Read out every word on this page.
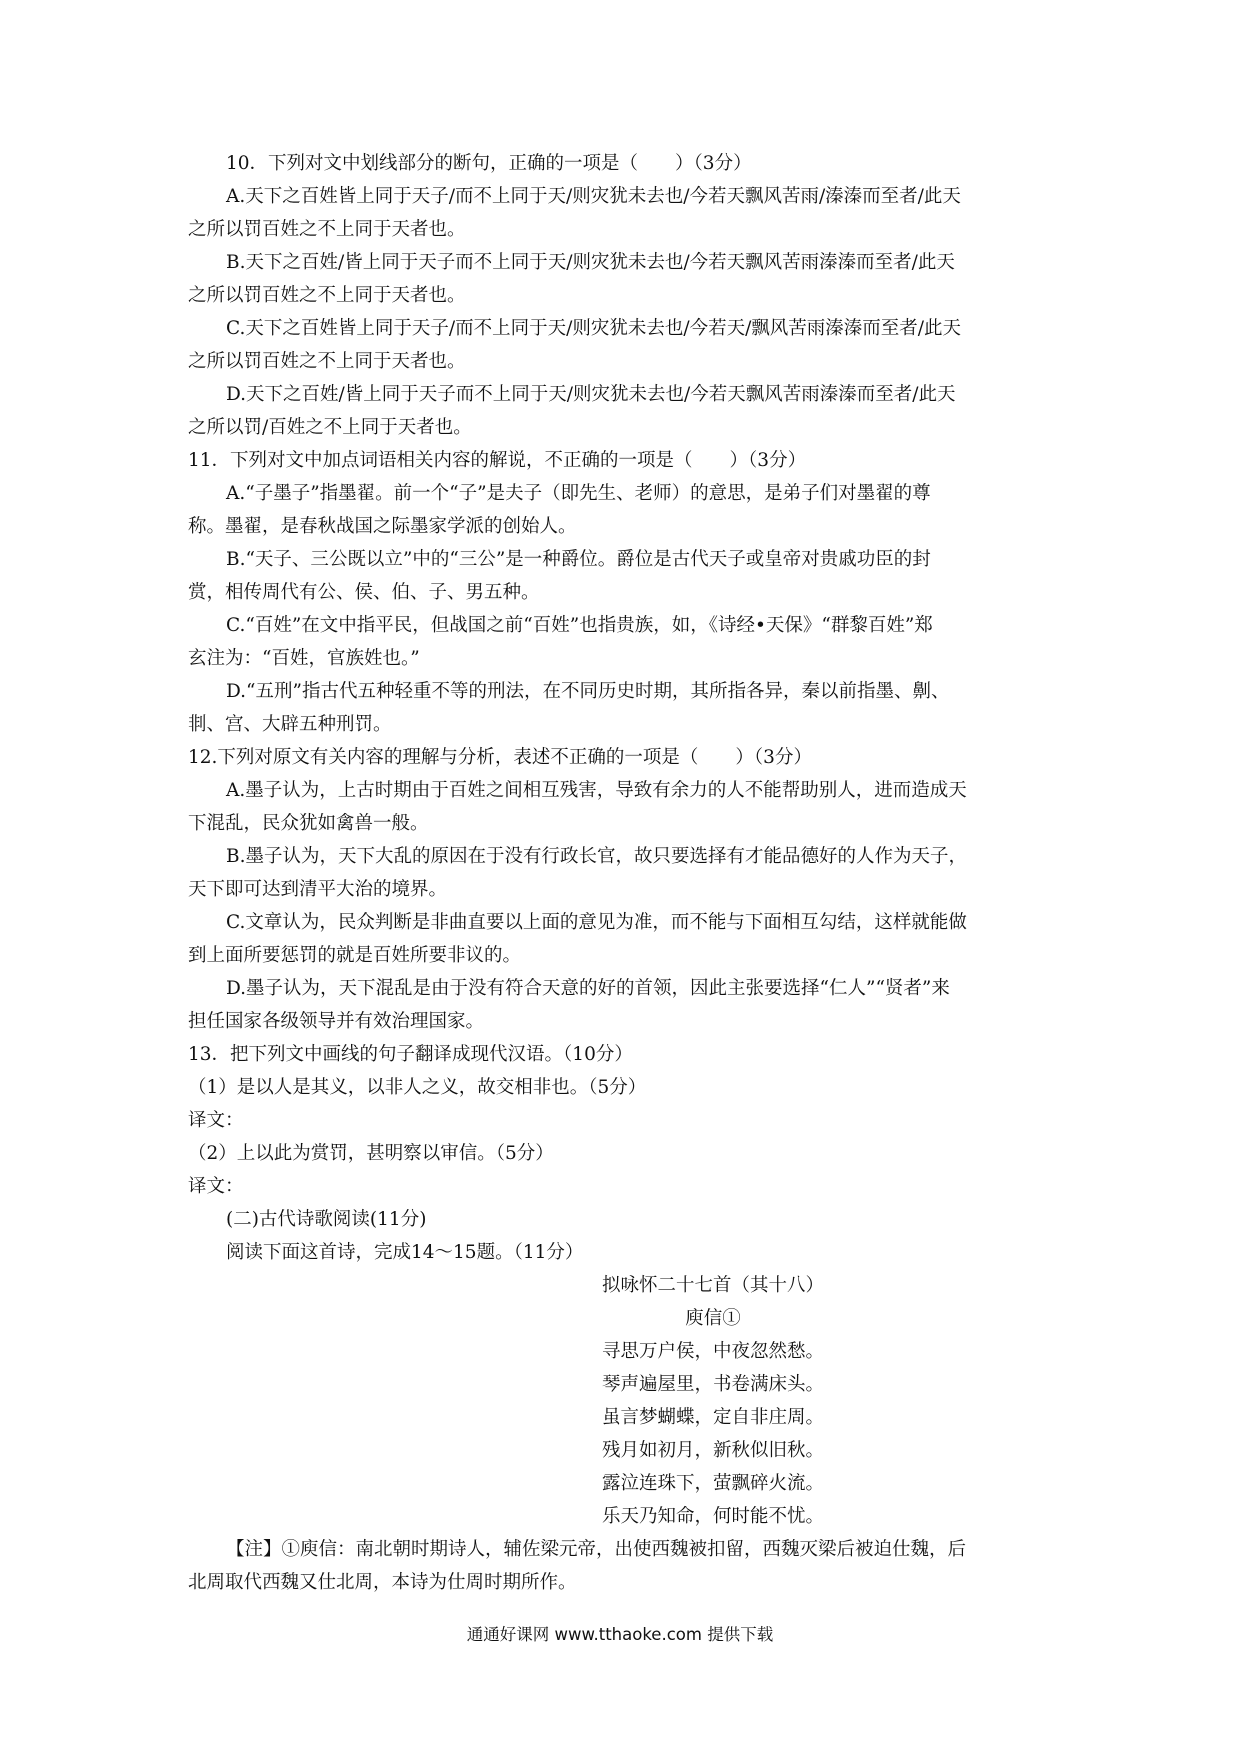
10．下列对文中划线部分的断句，正确的一项是（　　）（3分）
A.天下之百姓皆上同于天子/而不上同于天/则灾犹未去也/今若天飘风苦雨/溱溱而至者/此天
之所以罚百姓之不上同于天者也。
B.天下之百姓/皆上同于天子而不上同于天/则灾犹未去也/今若天飘风苦雨溱溱而至者/此天
之所以罚百姓之不上同于天者也。
C.天下之百姓皆上同于天子/而不上同于天/则灾犹未去也/今若天/飘风苦雨溱溱而至者/此天
之所以罚百姓之不上同于天者也。
D.天下之百姓/皆上同于天子而不上同于天/则灾犹未去也/今若天飘风苦雨溱溱而至者/此天
之所以罚/百姓之不上同于天者也。
11．下列对文中加点词语相关内容的解说，不正确的一项是（　　）（3分）
A.“子墨子”指墨翟。前一个“子”是夫子（即先生、老师）的意思，是弟子们对墨翟的尊
称。墨翟，是春秋战国之际墨家学派的创始人。
B.“天子、三公既以立”中的“三公”是一种爵位。爵位是古代天子或皇帝对贵戚功臣的封
赏，相传周代有公、侯、伯、子、男五种。
C.“百姓”在文中指平民，但战国之前“百姓”也指贵族，如，《诗经•天保》“群黎百姓”郑
玄注为：“百姓，官族姓也。”
D.“五刑”指古代五种轻重不等的刑法，在不同历史时期，其所指各异，秦以前指墨、劓、
剕、宫、大辟五种刑罚。
12.下列对原文有关内容的理解与分析，表述不正确的一项是（　　）（3分）
A.墨子认为，上古时期由于百姓之间相互残害，导致有余力的人不能帮助别人，进而造成天
下混乱，民众犹如禽兽一般。
B.墨子认为，天下大乱的原因在于没有行政长官，故只要选择有才能品德好的人作为天子，
天下即可达到清平大治的境界。
C.文章认为，民众判断是非曲直要以上面的意见为准，而不能与下面相互勾结，这样就能做
到上面所要惩罚的就是百姓所要非议的。
D.墨子认为，天下混乱是由于没有符合天意的好的首领，因此主张要选择“仁人”“贤者”来
担任国家各级领导并有效治理国家。
13．把下列文中画线的句子翻译成现代汉语。（10分）
（1）是以人是其义，以非人之义，故交相非也。（5分）
译文：
（2）上以此为赏罚，甚明察以审信。（5分）
译文：
(二)古代诗歌阅读(11分)
阅读下面这首诗，完成14～15题。（11分）
拟咏怀二十七首（其十八）
庾信①
寻思万户侯，中夜忽然愁。
琴声遍屋里，书卷满床头。
虽言梦蝴蝶，定自非庄周。
残月如初月，新秋似旧秋。
露泣连珠下，萤飘碎火流。
乐天乃知命，何时能不忧。
【注】①庾信：南北朝时期诗人，辅佐梁元帝，出使西魏被扣留，西魏灭梁后被迫仕魏，后
北周取代西魏又仕北周，本诗为仕周时期所作。
通通好课网 www.tthaoke.com 提供下载
